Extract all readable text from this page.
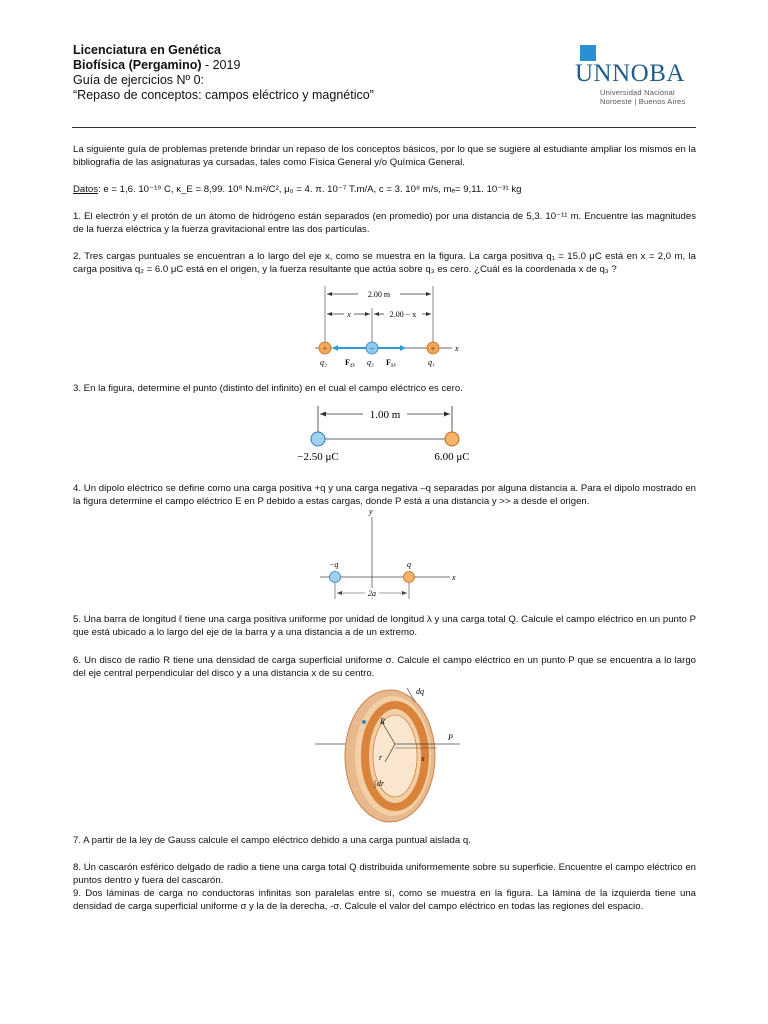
Licenciatura en Genética
Biofísica (Pergamino) - 2019
Guía de ejercicios Nº 0:
“Repaso de conceptos: campos eléctrico y magnético”
UNNOBA
Universidad Nacional
Noroeste | Buenos Aires
La siguiente guía de problemas pretende brindar un repaso de los conceptos básicos, por lo que se sugiere al estudiante ampliar los mismos en la bibliografía de las asignaturas ya cursadas, tales como Física General y/o Química General.
Datos: e = 1,6. 10⁻¹⁹ C, κ_E = 8,99. 10⁹ N.m²/C², μ₀ = 4. π. 10⁻⁷ T.m/A, c = 3. 10⁸ m/s, mₑ= 9,11. 10⁻³¹ kg
1. El electrón y el protón de un átomo de hidrógeno están separados (en promedio) por una distancia de 5,3. 10⁻¹¹ m. Encuentre las magnitudes de la fuerza eléctrica y la fuerza gravitacional entre las dos partículas.
2. Tres cargas puntuales se encuentran a lo largo del eje x, como se muestra en la figura. La carga positiva q₁ = 15.0 μC está en x = 2,0 m, la carga positiva q₂ = 6.0 μC está en el origen, y la fuerza resultante que actúa sobre q₃ es cero. ¿Cuál es la coordenada x de q₃ ?
2.00 m
x	2.00 − x
x
+	−	+
q₂ F₂₃ q₃ F₁₃	q₁
3. En la figura, determine el punto (distinto del infinito) en el cual el campo eléctrico es cero.
1.00 m
−2.50 μC	6.00 μC
4. Un dipolo eléctrico se define como una carga positiva +q y una carga negativa –q separadas por alguna distancia a. Para el dipolo mostrado en la figura determine el campo eléctrico E en P debido a estas cargas, donde P está a una distancia y >> a desde el origen.
y
x
−q	q
2a
5. Una barra de longitud ℓ tiene una carga positiva uniforme por unidad de longitud λ y una carga total Q. Calcule el campo eléctrico en un punto P que está ubicado a lo largo del eje de la barra y a una distancia a de un extremo.
6. Un disco de radio R tiene una densidad de carga superficial uniforme σ. Calcule el campo eléctrico en un punto P que se encuentra a lo largo del eje central perpendicular del disco y a una distancia x de su centro.
dq
R
r
P
x
dr
7. A partir de la ley de Gauss calcule el campo eléctrico debido a una carga puntual aislada q.
8. Un cascarón esférico delgado de radio a tiene una carga total Q distribuida uniformemente sobre su superficie. Encuentre el campo eléctrico en puntos dentro y fuera del cascarón.
9. Dos láminas de carga no conductoras infinitas son paralelas entre sí, como se muestra en la figura. La lámina de la izquierda tiene una densidad de carga superficial uniforme σ y la de la derecha, -σ. Calcule el valor del campo eléctrico en todas las regiones del espacio.
